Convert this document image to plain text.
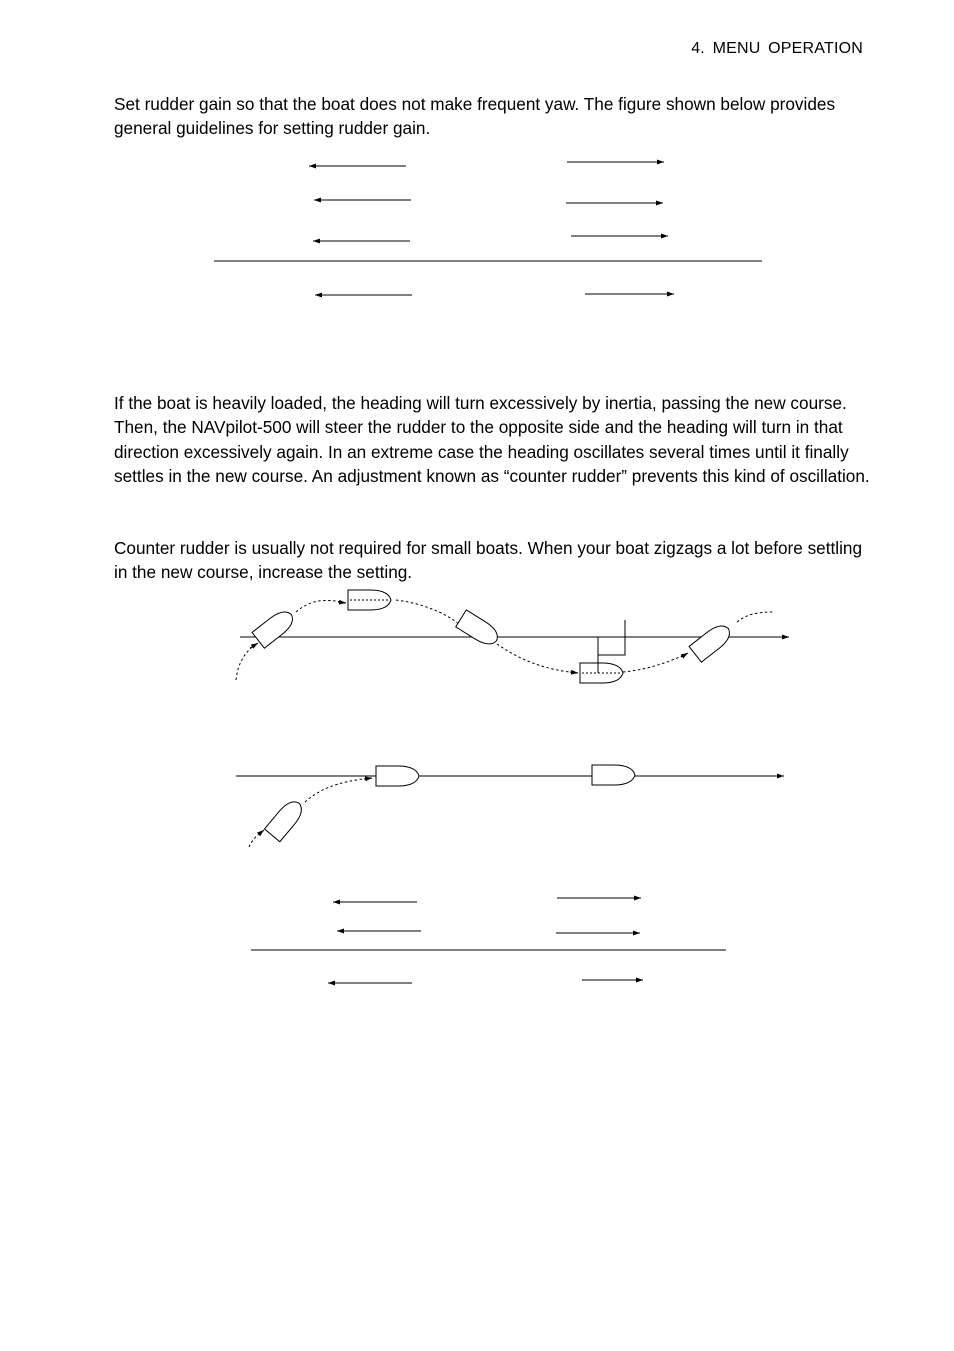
4. MENU OPERATION

Set rudder gain so that the boat does not make frequent yaw. The figure shown below provides general guidelines for setting rudder gain.

If the boat is heavily loaded, the heading will turn excessively by inertia, passing the new course. Then, the NAVpilot-500 will steer the rudder to the opposite side and the heading will turn in that direction excessively again. In an extreme case the heading oscillates several times until it finally settles in the new course. An adjustment known as “counter rudder” prevents this kind of oscillation.

Counter rudder is usually not required for small boats. When your boat zigzags a lot before settling in the new course, increase the setting.
